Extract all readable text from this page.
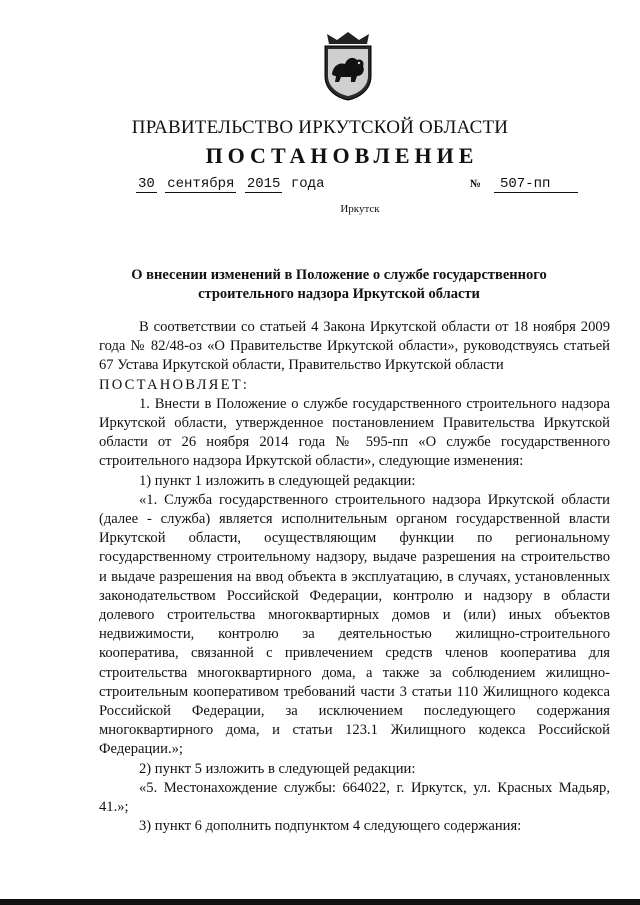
ПРАВИТЕЛЬСТВО ИРКУТСКОЙ ОБЛАСТИ
ПОСТАНОВЛЕНИЕ
30 сентября 2015 года	№	507-пп
Иркутск
О внесении изменений в Положение о службе государственного
строительного надзора Иркутской области

В соответствии со статьей 4 Закона Иркутской области от 18 ноября 2009 года № 82/48-оз «О Правительстве Иркутской области», руководствуясь статьей 67 Устава Иркутской области, Правительство Иркутской области

ПОСТАНОВЛЯЕТ:

1. Внести в Положение о службе государственного строительного надзора Иркутской области, утвержденное постановлением Правительства Иркутской области от 26 ноября 2014 года № 595-пп «О службе государственного строительного надзора Иркутской области», следующие изменения:

1) пункт 1 изложить в следующей редакции:

«1. Служба государственного строительного надзора Иркутской области (далее - служба) является исполнительным органом государственной власти Иркутской области, осуществляющим функции по региональному государственному строительному надзору, выдаче разрешения на строительство и выдаче разрешения на ввод объекта в эксплуатацию, в случаях, установленных законодательством Российской Федерации, контролю и надзору в области долевого строительства многоквартирных домов и (или) иных объектов недвижимости, контролю за деятельностью жилищно-строительного кооператива, связанной с привлечением средств членов кооператива для строительства многоквартирного дома, а также за соблюдением жилищно-строительным кооперативом требований части 3 статьи 110 Жилищного кодекса Российской Федерации, за исключением последующего содержания многоквартирного дома, и статьи 123.1 Жилищного кодекса Российской Федерации.»;

2) пункт 5 изложить в следующей редакции:

«5. Местонахождение службы: 664022, г. Иркутск, ул. Красных Мадьяр, 41.»;

3) пункт 6 дополнить подпунктом 4 следующего содержания:
